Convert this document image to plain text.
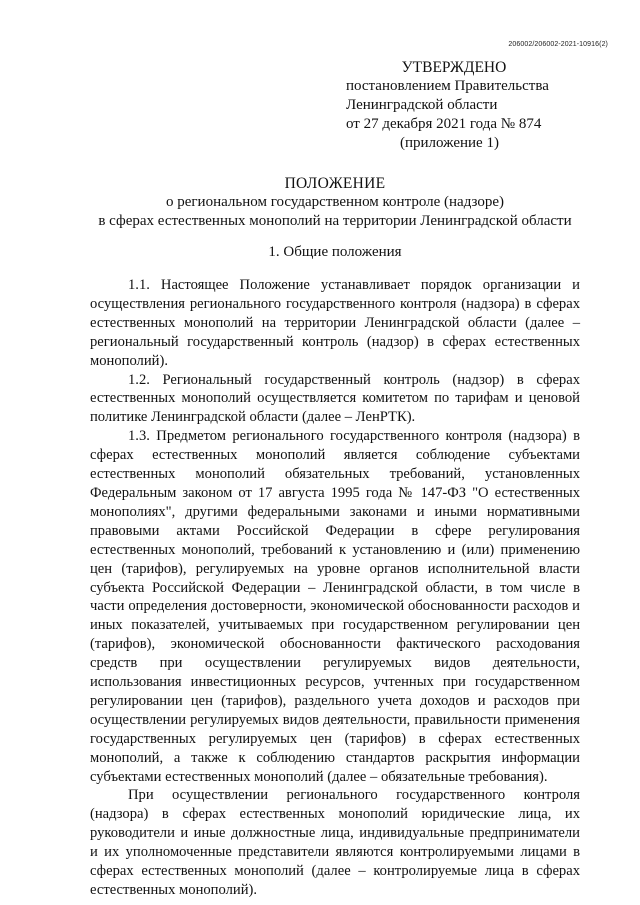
206002/206002-2021-10916(2)
УТВЕРЖДЕНО
постановлением Правительства
Ленинградской области
от 27 декабря 2021 года № 874
(приложение 1)
ПОЛОЖЕНИЕ
о региональном государственном контроле (надзоре)
в сферах естественных монополий на территории Ленинградской области
1. Общие положения

1.1. Настоящее Положение устанавливает порядок организации и осуществления регионального государственного контроля (надзора) в сферах естественных монополий на территории Ленинградской области (далее – региональный государственный контроль (надзор) в сферах естественных монополий).

1.2. Региональный государственный контроль (надзор) в сферах естественных монополий осуществляется комитетом по тарифам и ценовой политике Ленинградской области (далее – ЛенРТК).

1.3. Предметом регионального государственного контроля (надзора) в сферах естественных монополий является соблюдение субъектами естественных монополий обязательных требований, установленных Федеральным законом от 17 августа 1995 года № 147-ФЗ "О естественных монополиях", другими федеральными законами и иными нормативными правовыми актами Российской Федерации в сфере регулирования естественных монополий, требований к установлению и (или) применению цен (тарифов), регулируемых на уровне органов исполнительной власти субъекта Российской Федерации – Ленинградской области, в том числе в части определения достоверности, экономической обоснованности расходов и иных показателей, учитываемых при государственном регулировании цен (тарифов), экономической обоснованности фактического расходования средств при осуществлении регулируемых видов деятельности, использования инвестиционных ресурсов, учтенных при государственном регулировании цен (тарифов), раздельного учета доходов и расходов при осуществлении регулируемых видов деятельности, правильности применения государственных регулируемых цен (тарифов) в сферах естественных монополий, а также к соблюдению стандартов раскрытия информации субъектами естественных монополий (далее – обязательные требования).

При осуществлении регионального государственного контроля (надзора) в сферах естественных монополий юридические лица, их руководители и иные должностные лица, индивидуальные предприниматели и их уполномоченные представители являются контролируемыми лицами в сферах естественных монополий (далее – контролируемые лица в сферах естественных монополий).
